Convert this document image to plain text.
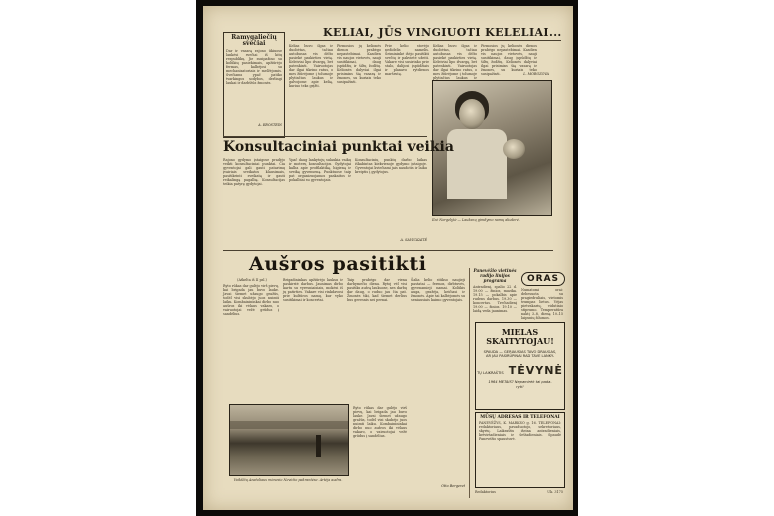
KELIAI, JŪS VINGIUOTI KELELIAI...
Ramygaliečių
svečiai
Dar ir vasarą rajono ūkiuose lankėsi svečiai iš kitų respublikų. Jie susipažino su kolūkių pasiekimais, apžiūrėjo fermas, kalbėjosi su mechanizatoriais ir melžėjomis. Svečiams ypač patiko tvarkingos sodybos, derlingi laukai ir darbštūs žmonės.
A. EBOSTEIN
Kelias buvo ilgas ir duobėtas, tačiau autobusas vis dėlto pasiekė paskirties vietą. Keleiviai lipo išvargę, bet patenkinti. Vairuotojas dar ilgai tikrino ratus, o mes žiūrėjome į tolumoje plytinčius laukus ir galvojome apie kelią, kuriuo teks grįžti.
Pirmosios jų kelionės dienos prabėgo nepastebimai. Kasdien vis naujos vietovės, nauji susitikimai, daug įspūdžių ir šiltų žodžių. Kelionės dalyviai ilgai prisimins šią vasarą ir žmones, su kuriais teko susipažinti.
Prie kelio stovėjo nedidelis namelis. Šeimininkė išėjo pasitikti svečių ir pakvietė užeiti. Vakare visi susirinko prie stalo, dalijosi įspūdžiais ir planavo rytdienos maršrutą.
Kelias buvo ilgas ir duobėtas, tačiau autobusas vis dėlto pasiekė paskirties vietą. Keleiviai lipo išvargę, bet patenkinti. Vairuotojas dar ilgai tikrino ratus, o mes žiūrėjome į tolumoje plytinčius laukus ir
Pirmosios jų kelionės dienos prabėgo nepastebimai. Kasdien vis naujos vietovės, nauji susitikimai, daug įspūdžių ir šiltų žodžių. Kelionės dalyviai ilgai prisimins šią vasarą ir žmones, su kuriais teko susipažinti.	L. MOROZOVA
Ilzė Norgelytė — Lauksnų gimdymo namų akušerė.
Konsultaciniai punktai veikia
Rajono gydymo įstaigose pradėjo veikti konsultaciniai punktai. Čia gyventojai gali gauti patarimų įvairiais sveikatos klausimais, pasitikrinti sveikatą ir gauti reikalingą pagalbą. Konsultacijas teikia patyrę gydytojai.
Ypač daug lankytojų sulaukia vaikų ir moterų konsultacijos. Gydytojai kalba apie profilaktiką, higieną ir sveiką gyvenseną. Punktuose taip pat organizuojamos paskaitos ir pokalbiai su gyventojais.
Konsultacinių punktų darbo laikas iškabintas kiekvienoje gydymo įstaigoje. Gyventojai kviečiami jais naudotis ir laiku kreiptis į gydytojus.
A. SAVICKAITĖ
Aušros pasitikti
(Atkelta iš II psl.)
Ryto rūkas dar gulėjo virš pievų, kai brigada jau buvo lauke. Javai šiemet užaugo gražūs, todėl visi skubėjo juos nuimti laiku. Kombainininkai dirbo nuo aušros iki vėlaus vakaro, o vairuotojai vežė grūdus į sandėlius.
Brigadininkas apžiūrėjo laukus ir paskirstė darbus. Jaunimas dirbo kartu su vyresniaisiais, mokėsi iš jų patirties. Vakare visi rinkdavosi prie kultūros namų, kur vyko susitikimai ir koncertai.
Taip prabėgo dar viena darbymečio diena. Rytoj vėl visi pasitiks aušrą laukuose, nes darbų dar daug, o ruduo jau čia pat. Žmonės tiki, kad šiemet derlius bus geresnis nei pernai.
Šalia kelio stūkso naujieji pastatai — fermos, dirbtuvės, gyvenamieji namai. Kolūkis auga, gražėja, keičiasi ir žmonės. Apie tai kalbėjomės su seniausiais kaimo gyventojais.
Vaikščių Anatoliaus mėnesio Nevėžio pakrantėse. Artėja audra.
Ryto rūkas dar gulėjo virš pievų, kai brigada jau buvo lauke. Javai šiemet užaugo gražūs, todėl visi skubėjo juos nuimti laiku. Kombainininkai dirbo nuo aušros iki vėlaus vakaro, o vairuotojai vežė grūdus į sandėlius.
Otto Bergeret
Panevėžio vietinės
radijo linijos
programa
Antradienį, spalio 22 d. 19.00 — žinios, muzika. 19.15 — pokalbis apie rudens darbus. 19.30 — koncertas. Trečiadienį 19.00 — žinios. 19.10 — laidą veda jaunimas.
ORAS
Numatomi orai: debesuota su pragiedruliais, vietomis trumpas lietus. Vėjas pietvakarių, vidutinio stiprumo. Temperatūra naktį 3–8, dieną 10–15 laipsnių šilumos.
MIELAS
SKAITYTOJAU!
SPAUDA — GERIAUSIAS TAVO DRAUGAS,
AR JAU PASIRŪPINAI RAD TAVE LANKY-
TŲ LAIKRAŠTIS TĖVYNĖ
1964 METAIS? Nepamirėk tai pada-
ryti!
MŪSŲ ADRESAS IR TELEFONAI
PANEVĖŽYS, K. MARKSO g. 16. TELEFONAI: redaktoriaus, pavaduotojo, sekretoriaus, skyrių. Laikraštis išeina antradieniais, ketvirtadieniais ir šeštadieniais. Spaudė Panevėžio spaustuvė.
Redaktorius	Uk. 3175
